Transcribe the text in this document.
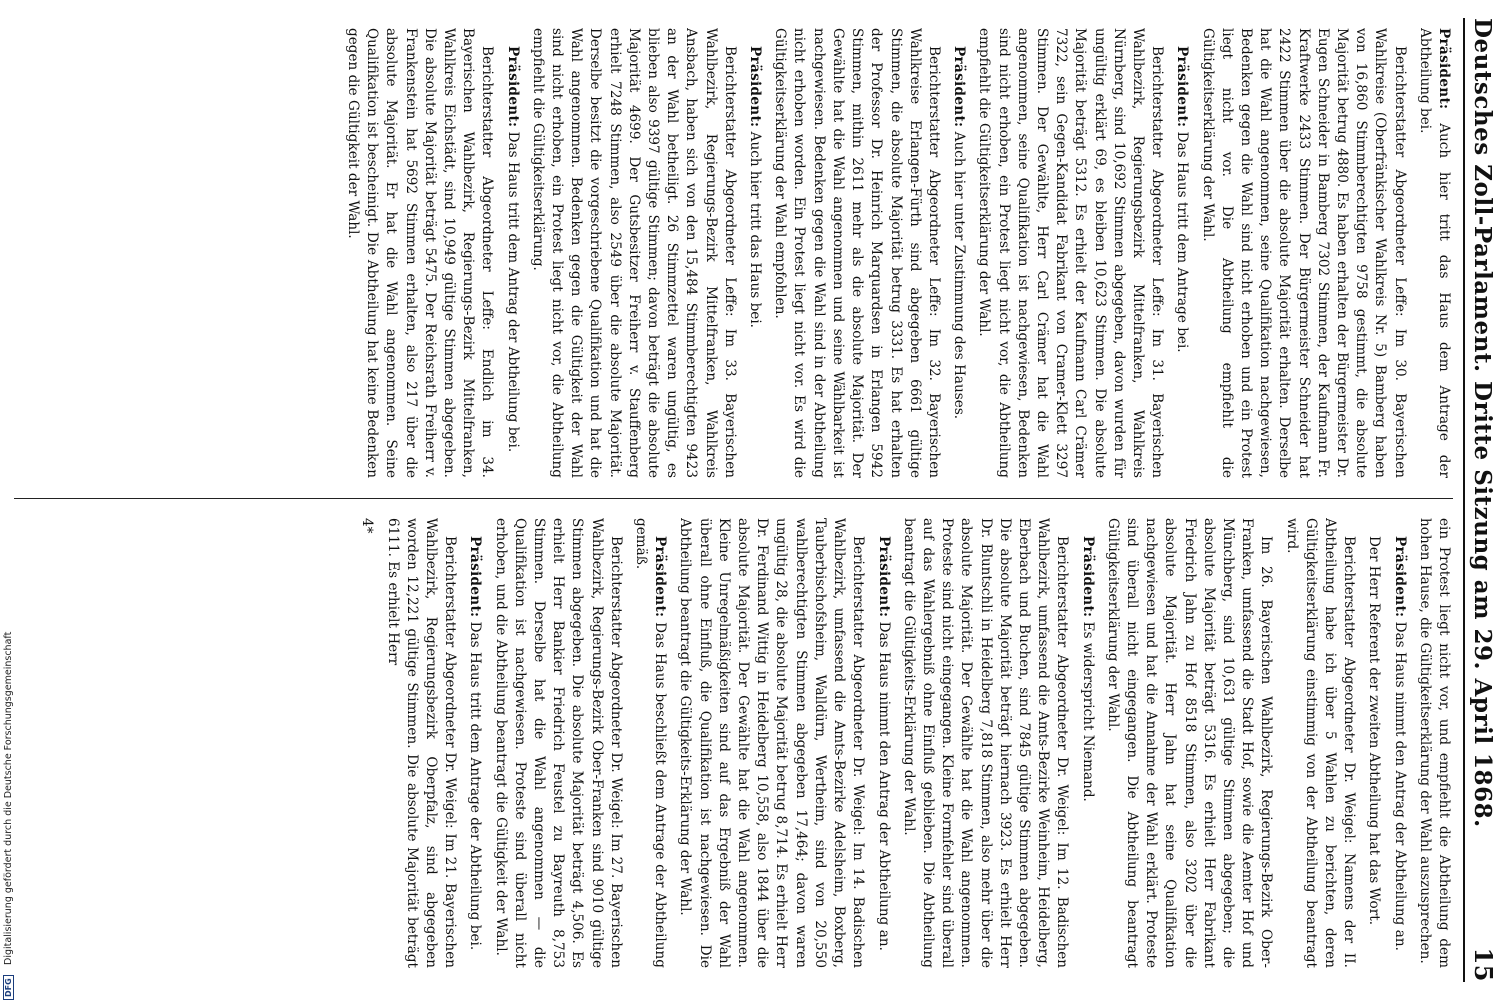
Deutsches Zoll-Parlament. Dritte Sitzung am 29. April 1868.
15

Präsident: Auch hier tritt das Haus dem Antrage der Abtheilung bei.

Berichterstatter Abgeordneter Leffe: Im 30. Bayerischen Wahlkreise (Oberfränkischer Wahlkreis Nr. 5) Bamberg haben von 16,860 Stimmberechtigten 9758 gestimmt, die absolute Majorität betrug 4880. Es haben erhalten der Bürgermeister Dr. Eugen Schneider in Bamberg 7302 Stimmen, der Kaufmann Fr. Kraftwerke 2433 Stimmen. Der Bürgermeister Schneider hat 2422 Stimmen über die absolute Majorität erhalten. Derselbe hat die Wahl angenommen, seine Qualifikation nachgewiesen, Bedenken gegen die Wahl sind nicht erhoben und ein Protest liegt nicht vor. Die Abtheilung empfiehlt die Gültigkeitserklärung der Wahl.

Präsident: Das Haus tritt dem Antrage bei.

Berichterstatter Abgeordneter Leffe: Im 31. Bayerischen Wahlbezirk, Regierungsbezirk Mittelfranken, Wahlkreis Nürnberg, sind 10,692 Stimmen abgegeben, davon wurden für ungültig erklärt 69, es bleiben 10,623 Stimmen. Die absolute Majorität beträgt 5312. Es erhielt der Kaufmann Carl Crämer 7322, sein Gegen-Kandidat Fabrikant von Cramer-Klett 3297 Stimmen. Der Gewählte, Herr Carl Crämer hat die Wahl angenommen, seine Qualifikation ist nachgewiesen, Bedenken sind nicht erhoben, ein Protest liegt nicht vor, die Abtheilung empfiehlt die Gültigkeitserklärung der Wahl.

Präsident: Auch hier unter Zustimmung des Hauses.

Berichterstatter Abgeordneter Leffe: Im 32. Bayerischen Wahlkreise Erlangen-Fürth sind abgegeben 6661 gültige Stimmen, die absolute Majorität betrug 3331. Es hat erhalten der Professor Dr. Heinrich Marquardsen in Erlangen 5942 Stimmen, mithin 2611 mehr als die absolute Majorität. Der Gewählte hat die Wahl angenommen und seine Wählbarkeit ist nachgewiesen. Bedenken gegen die Wahl sind in der Abtheilung nicht erhoben worden. Ein Protest liegt nicht vor. Es wird die Gültigkeitserklärung der Wahl empfohlen.

Präsident: Auch hier tritt das Haus bei.

Berichterstatter Abgeordneter Leffe: Im 33. Bayerischen Wahlbezirk, Regierungs-Bezirk Mittelfranken, Wahlkreis Ansbach, haben sich von den 15,484 Stimmberechtigten 9423 an der Wahl betheiligt. 26 Stimmzettel waren ungültig, es blieben also 9397 gültige Stimmen; davon beträgt die absolute Majorität 4699. Der Gutsbesitzer Freiherr v. Stauffenberg erhielt 7248 Stimmen, also 2549 über die absolute Majorität. Derselbe besitzt die vorgeschriebene Qualifikation und hat die Wahl angenommen. Bedenken gegen die Gültigkeit der Wahl sind nicht erhoben, ein Protest liegt nicht vor, die Abtheilung empfiehlt die Gültigkeitserklärung.

Präsident: Das Haus tritt dem Antrag der Abtheilung bei.

Berichterstatter Abgeordneter Leffe: Endlich im 34. Bayerischen Wahlbezirk, Regierungs-Bezirk Mittelfranken, Wahlkreis Eichstädt, sind 10,949 gültige Stimmen abgegeben. Die absolute Majorität beträgt 5475. Der Reichsrath Freiherr v. Frankenstein hat 5692 Stimmen erhalten, also 217 über die absolute Majorität. Er hat die Wahl angenommen. Seine Qualifikation ist bescheinigt. Die Abtheilung hat keine Bedenken gegen die Gültigkeit der Wahl.

ein Protest liegt nicht vor, und empfiehlt die Abtheilung dem hohen Hause, die Gültigkeitserklärung der Wahl auszusprechen.

Präsident: Das Haus nimmt den Antrag der Abtheilung an.

Der Herr Referent der zweiten Abtheilung hat das Wort.

Berichterstatter Abgeordneter Dr. Weigel: Namens der II. Abtheilung habe ich über 5 Wahlen zu berichten, deren Gültigkeitserklärung einstimmig von der Abtheilung beantragt wird.

Im 26. Bayerischen Wahlbezirk, Regierungs-Bezirk Ober-Franken, umfassend die Stadt Hof, sowie die Aemter Hof und Münchberg, sind 10,631 gültige Stimmen abgegeben; die absolute Majorität beträgt 5316. Es erhielt Herr Fabrikant Friedrich Jahn zu Hof 8518 Stimmen, also 3202 über die absolute Majorität. Herr Jahn hat seine Qualifikation nachgewiesen und hat die Annahme der Wahl erklärt. Proteste sind überall nicht eingegangen. Die Abtheilung beantragt Gültigkeitserklärung der Wahl.

Präsident: Es widerspricht Niemand.

Berichterstatter Abgeordneter Dr. Weigel: Im 12. Badischen Wahlbezirk, umfassend die Amts-Bezirke Weinheim, Heidelberg, Eberbach und Buchen, sind 7845 gültige Stimmen abgegeben. Die absolute Majorität beträgt hiernach 3923. Es erhielt Herr Dr. Bluntschli in Heidelberg 7,818 Stimmen, also mehr über die absolute Majorität. Der Gewählte hat die Wahl angenommen. Proteste sind nicht eingegangen. Kleine Formfehler sind überall auf das Wahlergebniß ohne Einfluß geblieben. Die Abtheilung beantragt die Gültigkeits-Erklärung der Wahl.

Präsident: Das Haus nimmt den Antrag der Abtheilung an.

Berichterstatter Abgeordneter Dr. Weigel: Im 14. Badischen Wahlbezirk, umfassend die Amts-Bezirke Adelsheim, Boxberg, Tauberbischofsheim, Walldürn, Wertheim, sind von 20,550 wahlberechtigten Stimmen abgegeben 17,464; davon waren ungültig 28, die absolute Majorität betrug 8,714. Es erhielt Herr Dr. Ferdinand Wittig in Heidelberg 10,558, also 1844 über die absolute Majorität. Der Gewählte hat die Wahl angenommen. Kleine Unregelmäßigkeiten sind auf das Ergebniß der Wahl überall ohne Einfluß, die Qualifikation ist nachgewiesen. Die Abtheilung beantragt die Gültigkeits-Erklärung der Wahl.

Präsident: Das Haus beschließt dem Antrage der Abtheilung gemäß.

Berichterstatter Abgeordneter Dr. Weigel: Im 27. Bayerischen Wahlbezirk, Regierungs-Bezirk Ober-Franken sind 9010 gültige Stimmen abgegeben. Die absolute Majorität beträgt 4,506. Es erhielt Herr Bankier Friedrich Feustel zu Bayreuth 8,753 Stimmen. Derselbe hat die Wahl angenommen — die Qualifikation ist nachgewiesen. Proteste sind überall nicht erhoben, und die Abtheilung beantragt die Gültigkeit der Wahl.

Präsident: Das Haus tritt dem Antrage der Abtheilung bei.

Berichterstatter Abgeordneter Dr. Weigel: Im 21. Bayerischen Wahlbezirk, Regierungsbezirk Oberpfalz, sind abgegeben worden 12,221 gültige Stimmen. Die absolute Majorität beträgt 6111. Es erhielt Herr

4*

DFG
Digitalisierung gefördert durch die Deutsche Forschungsgemeinschaft
